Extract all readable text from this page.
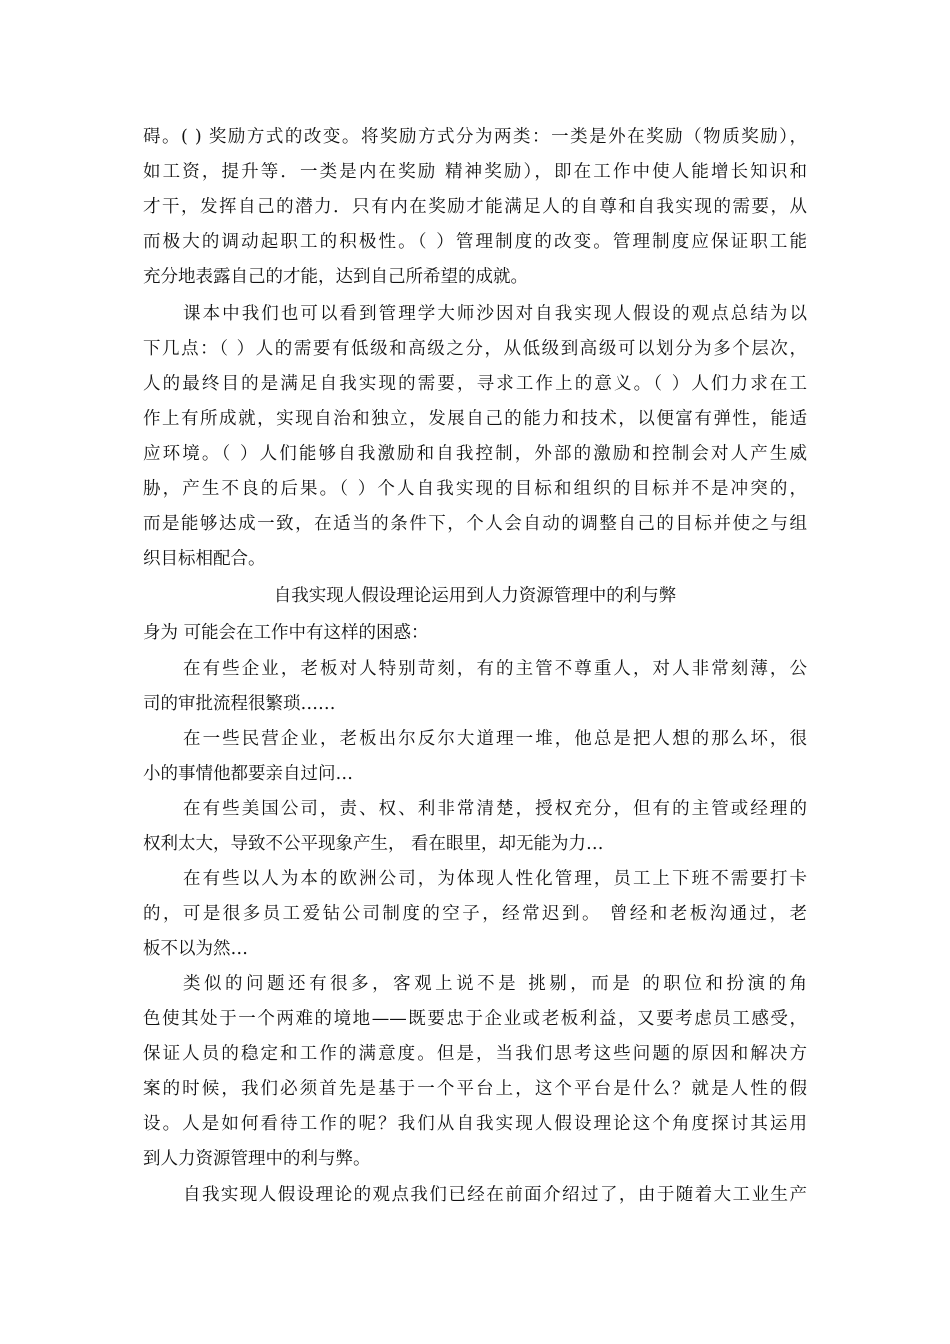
碍。( ) 奖励方式的改变。将奖励方式分为两类：一类是外在奖励（物质奖励），
如工资，提升等．一类是内在奖励 精神奖励），即在工作中使人能增长知识和
才干，发挥自己的潜力．只有内在奖励才能满足人的自尊和自我实现的需要，从
而极大的调动起职工的积极性。（ ）管理制度的改变。管理制度应保证职工能
充分地表露自己的才能，达到自己所希望的成就。
课本中我们也可以看到管理学大师沙因对自我实现人假设的观点总结为以
下几点：（ ）人的需要有低级和高级之分，从低级到高级可以划分为多个层次，
人的最终目的是满足自我实现的需要，寻求工作上的意义。（ ）人们力求在工
作上有所成就，实现自治和独立，发展自己的能力和技术，以便富有弹性，能适
应环境。（ ）人们能够自我激励和自我控制，外部的激励和控制会对人产生威
胁，产生不良的后果。（ ）个人自我实现的目标和组织的目标并不是冲突的，
而是能够达成一致，在适当的条件下，个人会自动的调整自己的目标并使之与组
织目标相配合。
自我实现人假设理论运用到人力资源管理中的利与弊
身为 可能会在工作中有这样的困惑：
在有些企业，老板对人特别苛刻，有的主管不尊重人，对人非常刻薄，公
司的审批流程很繁琐……
在一些民营企业，老板出尔反尔大道理一堆，他总是把人想的那么坏，很
小的事情他都要亲自过问…
在有些美国公司，责、权、利非常清楚，授权充分，但有的主管或经理的
权利太大，导致不公平现象产生， 看在眼里，却无能为力…
在有些以人为本的欧洲公司，为体现人性化管理，员工上下班不需要打卡
的，可是很多员工爱钻公司制度的空子，经常迟到。 曾经和老板沟通过，老
板不以为然…
类似的问题还有很多，客观上说不是 挑剔，而是 的职位和扮演的角
色使其处于一个两难的境地——既要忠于企业或老板利益，又要考虑员工感受，
保证人员的稳定和工作的满意度。但是，当我们思考这些问题的原因和解决方
案的时候，我们必须首先是基于一个平台上，这个平台是什么？就是人性的假
设。人是如何看待工作的呢？我们从自我实现人假设理论这个角度探讨其运用
到人力资源管理中的利与弊。
自我实现人假设理论的观点我们已经在前面介绍过了，由于随着大工业生产
